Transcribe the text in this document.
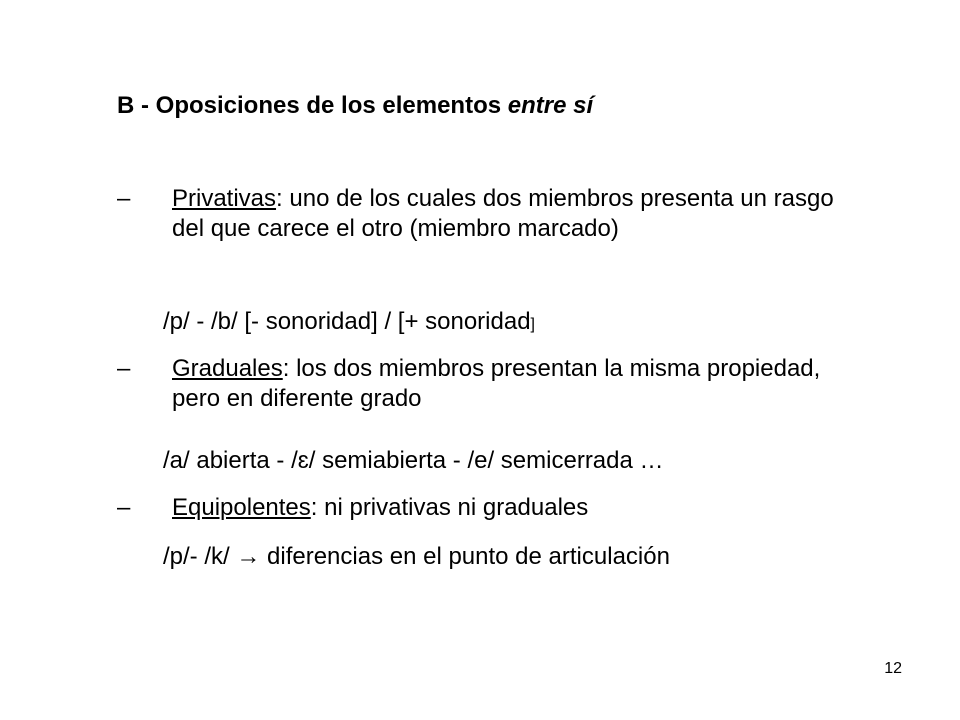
B - Oposiciones de los elementos entre sí
– Privativas: uno de los cuales dos miembros presenta un rasgo del que carece el otro (miembro marcado)
/p/ - /b/ [- sonoridad] / [+ sonoridad]
– Graduales: los dos miembros presentan la misma propiedad, pero en diferente grado
/a/ abierta - /ɛ/ semiabierta - /e/ semicerrada …
– Equipolentes: ni privativas ni graduales
/p/- /k/ → diferencias en el punto de articulación
12
